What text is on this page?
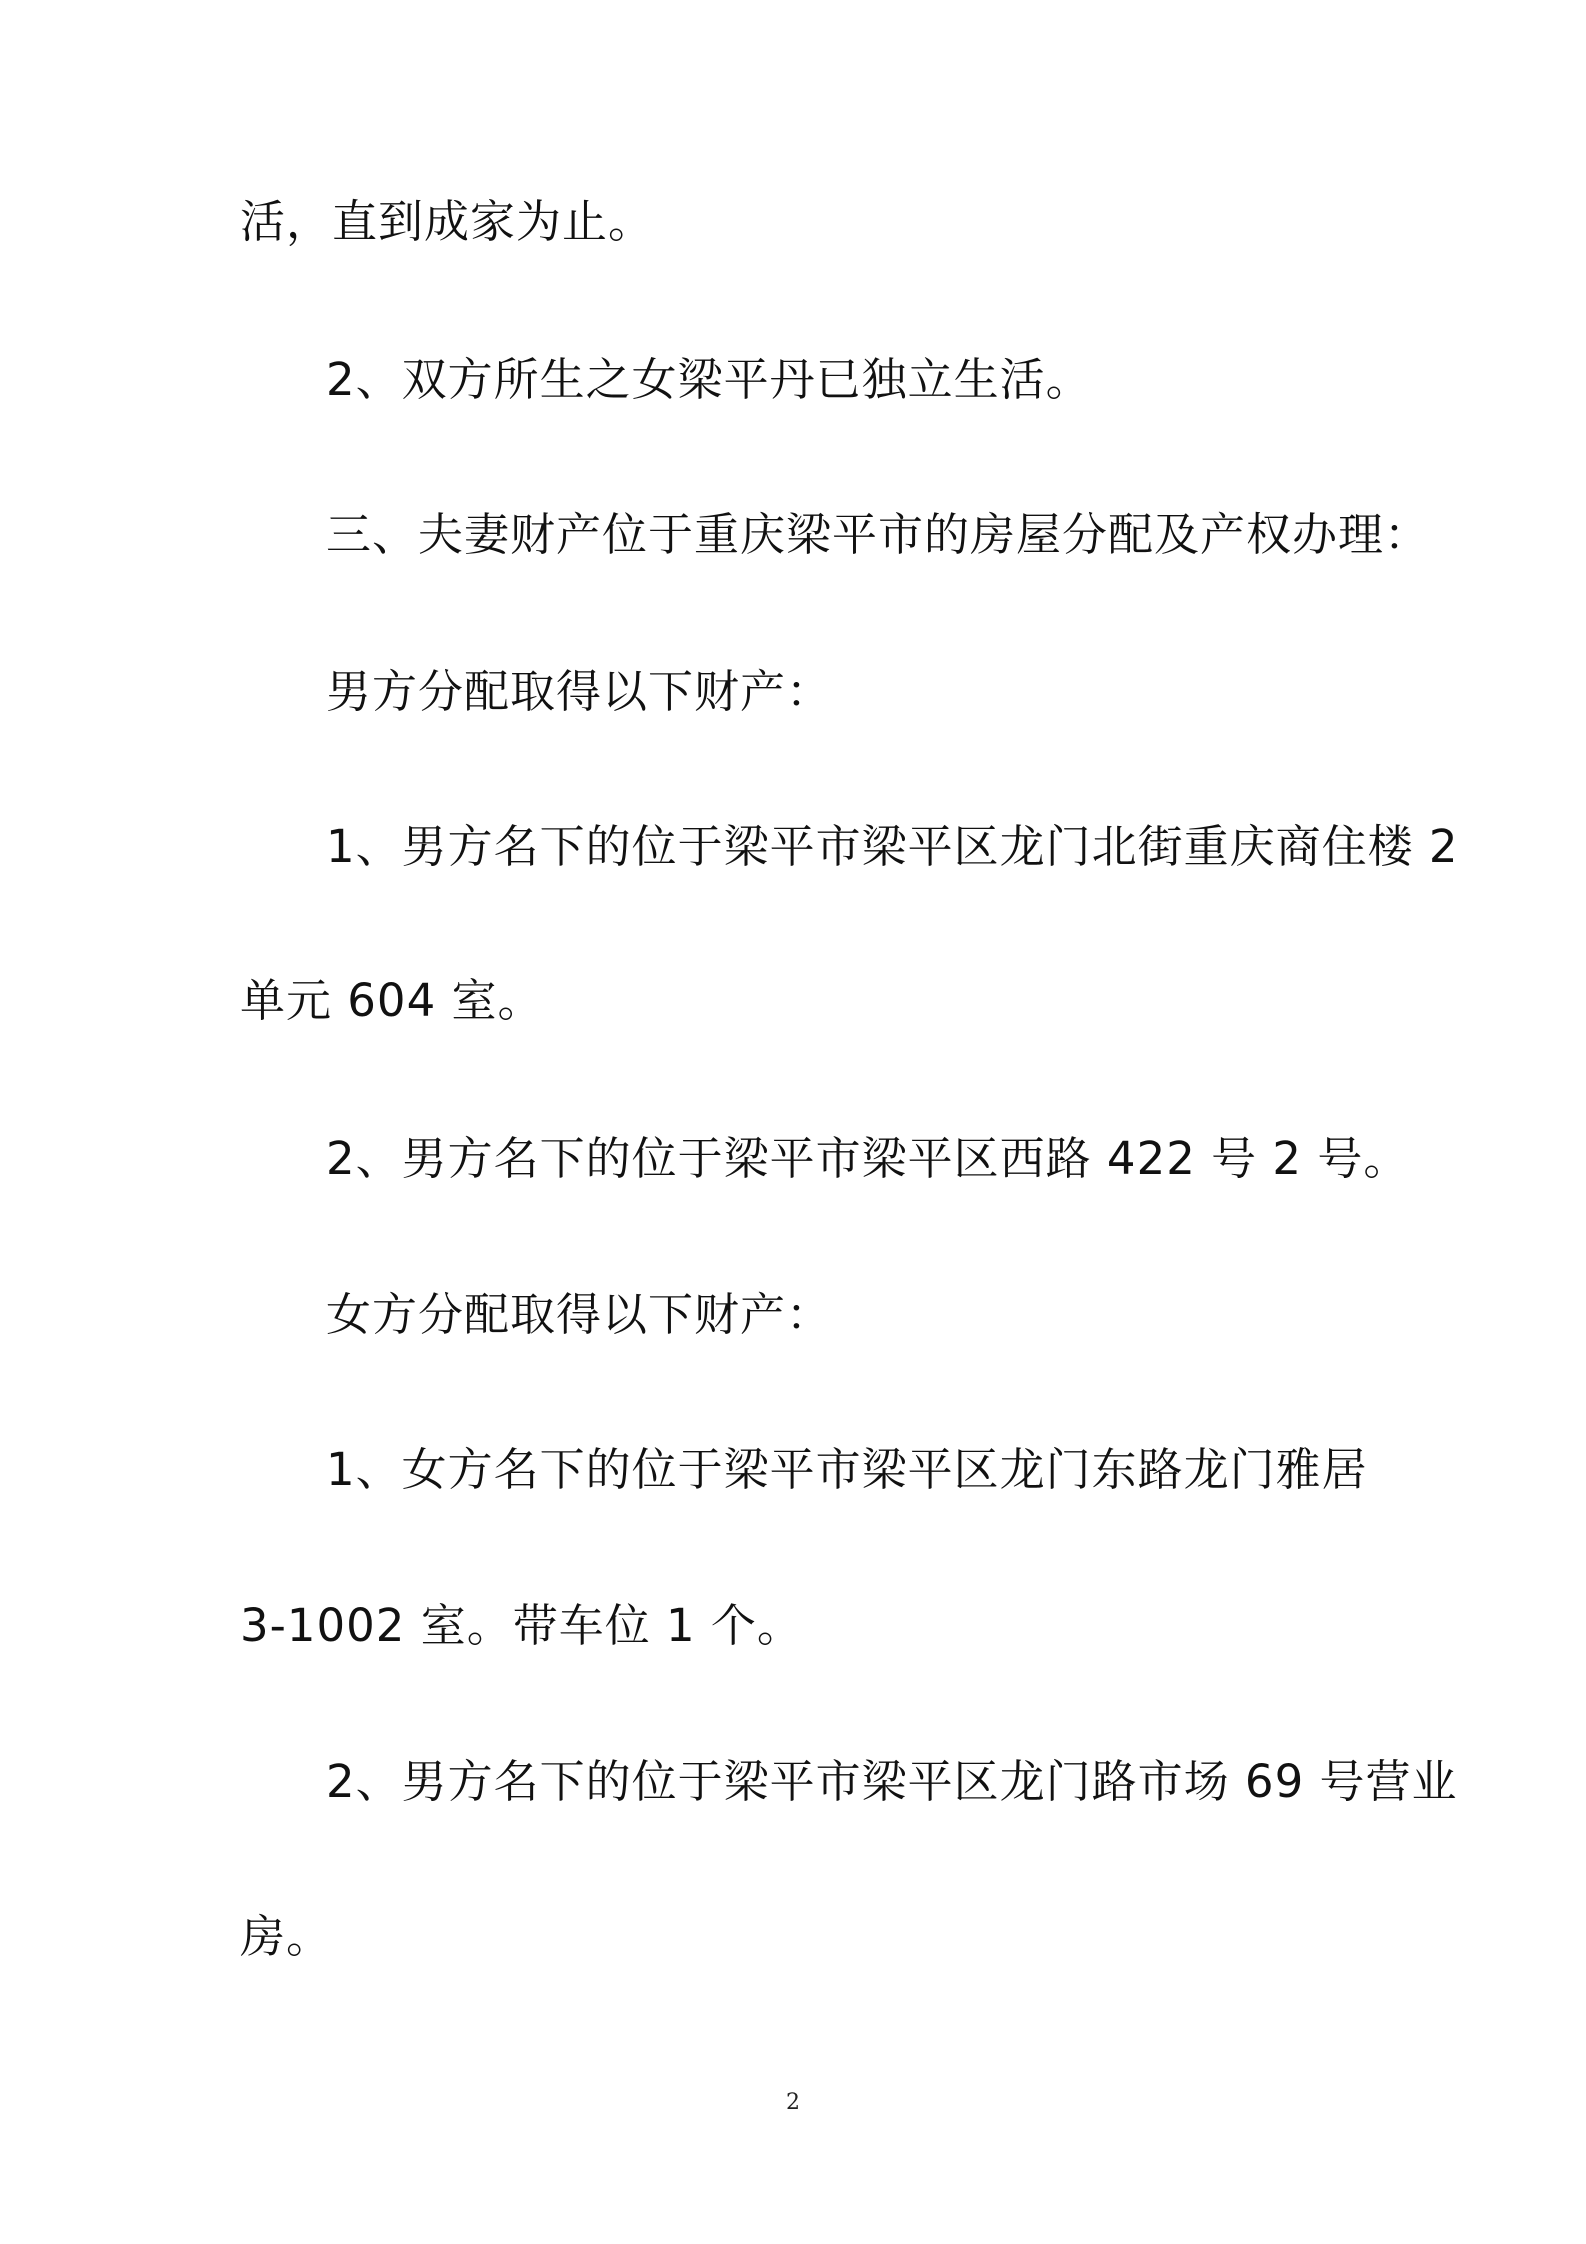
活，直到成家为止。
2、双方所生之女梁平丹已独立生活。
三、夫妻财产位于重庆梁平市的房屋分配及产权办理：
男方分配取得以下财产：
1、男方名下的位于梁平市梁平区龙门北街重庆商住楼 2
单元 604 室。
2、男方名下的位于梁平市梁平区西路 422 号 2 号。
女方分配取得以下财产：
1、女方名下的位于梁平市梁平区龙门东路龙门雅居
3-1002 室。带车位 1 个。
2、男方名下的位于梁平市梁平区龙门路市场 69 号营业
房。
2
